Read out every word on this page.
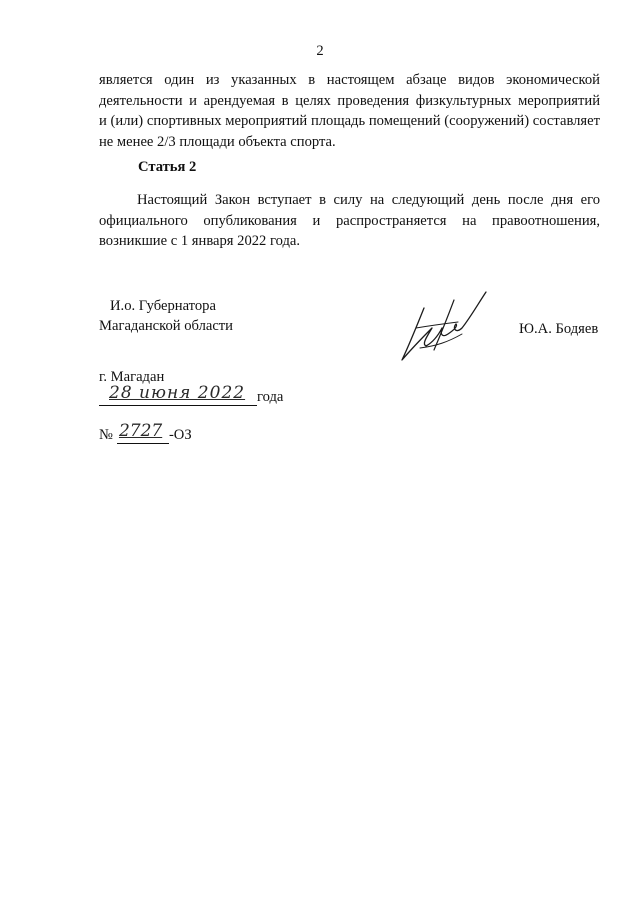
2

является один из указанных в настоящем абзаце видов экономической
деятельности и арендуемая в целях проведения физкультурных мероприятий
и (или) спортивных мероприятий площадь помещений (сооружений) составляет
не менее 2/3 площади объекта спорта.

Статья 2

Настоящий Закон вступает в силу на следующий день после дня его
официального опубликования и распространяется на правоотношения,
возникшие с 1 января 2022 года.

И.о. Губернатора
Магаданской области	Ю.А. Бодяев
г. Магадан
28 июня 2022 года
№ 2727 -ОЗ
